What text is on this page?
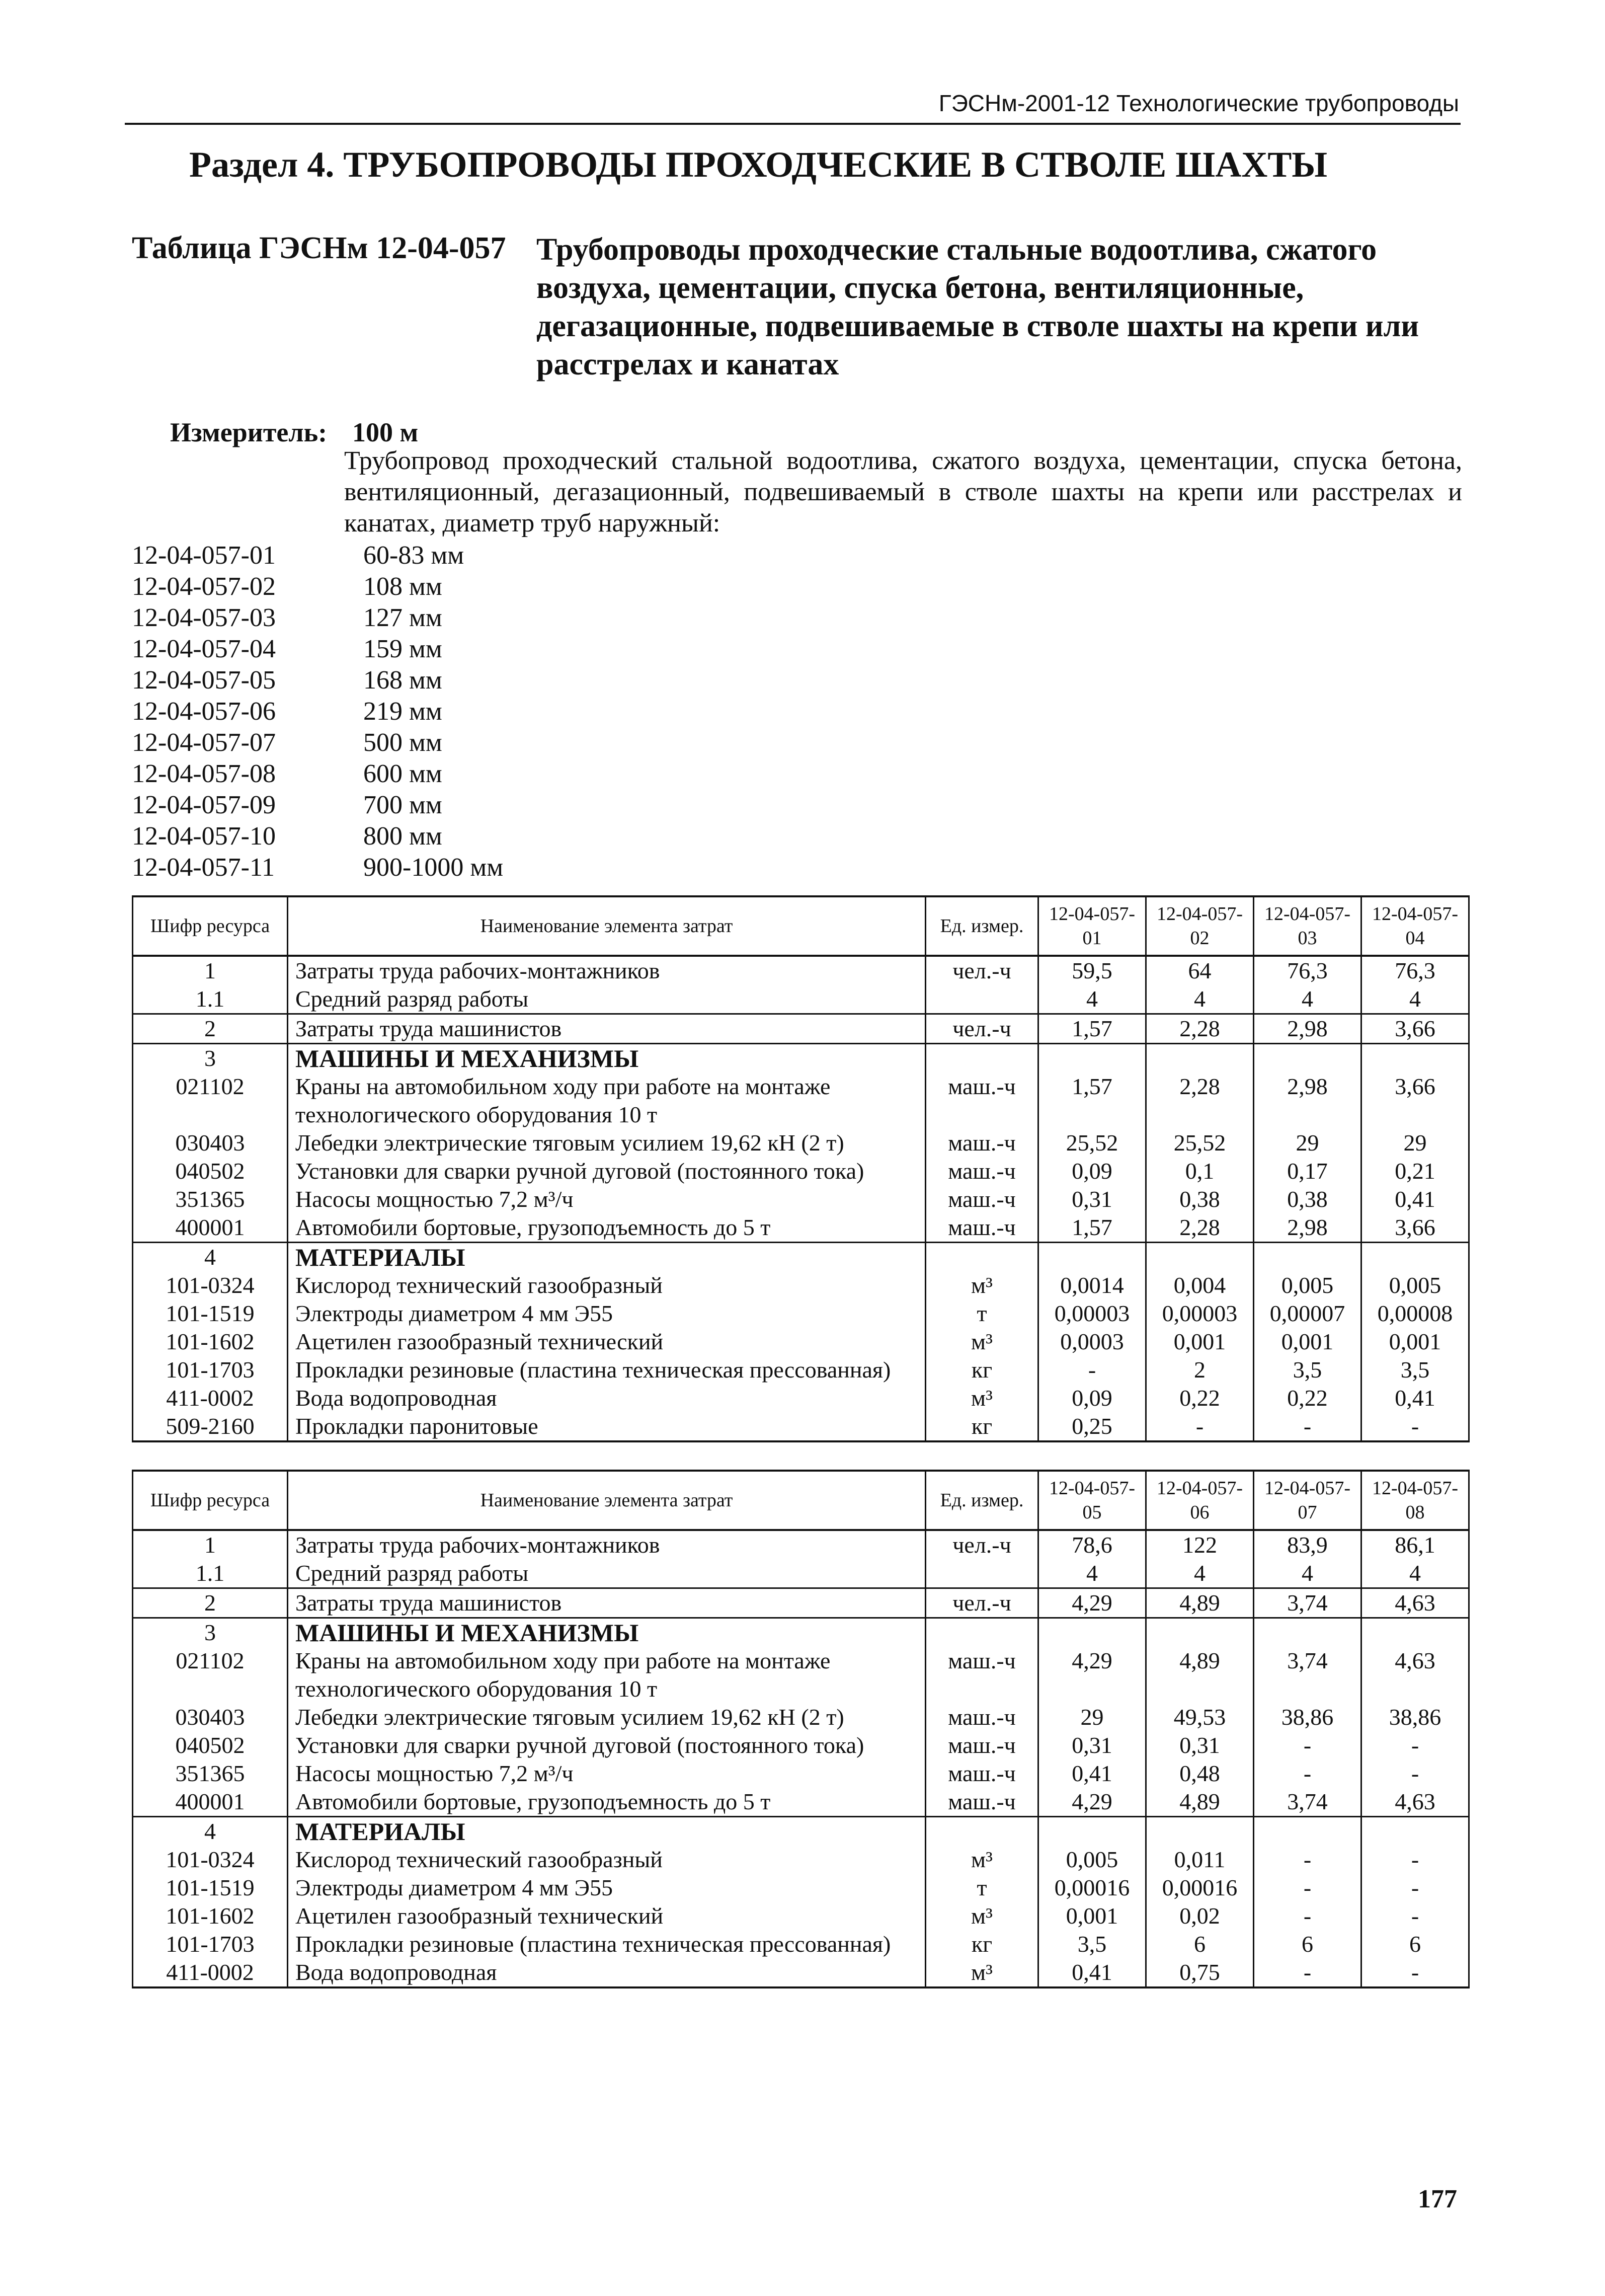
ГЭСНм-2001-12 Технологические трубопроводы
Раздел 4. ТРУБОПРОВОДЫ ПРОХОДЧЕСКИЕ В СТВОЛЕ ШАХТЫ
Таблица ГЭСНм 12-04-057 Трубопроводы проходческие стальные водоотлива, сжатого воздуха, цементации, спуска бетона, вентиляционные, дегазационные, подвешиваемые в стволе шахты на крепи или расстрелах и канатах
Измеритель: 100 м
Трубопровод проходческий стальной водоотлива, сжатого воздуха, цементации, спуска бетона, вентиляционный, дегазационный, подвешиваемый в стволе шахты на крепи или расстрелах и канатах, диаметр труб наружный:
12-04-057-01	60-83 мм
12-04-057-02	108 мм
12-04-057-03	127 мм
12-04-057-04	159 мм
12-04-057-05	168 мм
12-04-057-06	219 мм
12-04-057-07	500 мм
12-04-057-08	600 мм
12-04-057-09	700 мм
12-04-057-10	800 мм
12-04-057-11	900-1000 мм
Шифр ресурса	Наименование элемента затрат	Ед. измер.	12-04-057-01	12-04-057-02	12-04-057-03	12-04-057-04
1	Затраты труда рабочих-монтажников	чел.-ч	59,5	64	76,3	76,3
1.1	Средний разряд работы		4	4	4	4
2	Затраты труда машинистов	чел.-ч	1,57	2,28	2,98	3,66
3	МАШИНЫ И МЕХАНИЗМЫ					
021102	Краны на автомобильном ходу при работе на монтаже технологического оборудования 10 т	маш.-ч	1,57	2,28	2,98	3,66
030403	Лебедки электрические тяговым усилием 19,62 кН (2 т)	маш.-ч	25,52	25,52	29	29
040502	Установки для сварки ручной дуговой (постоянного тока)	маш.-ч	0,09	0,1	0,17	0,21
351365	Насосы мощностью 7,2 м³/ч	маш.-ч	0,31	0,38	0,38	0,41
400001	Автомобили бортовые, грузоподъемность до 5 т	маш.-ч	1,57	2,28	2,98	3,66
4	МАТЕРИАЛЫ					
101-0324	Кислород технический газообразный	м³	0,0014	0,004	0,005	0,005
101-1519	Электроды диаметром 4 мм Э55	т	0,00003	0,00003	0,00007	0,00008
101-1602	Ацетилен газообразный технический	м³	0,0003	0,001	0,001	0,001
101-1703	Прокладки резиновые (пластина техническая прессованная)	кг	-	2	3,5	3,5
411-0002	Вода водопроводная	м³	0,09	0,22	0,22	0,41
509-2160	Прокладки паронитовые	кг	0,25	-	-	-
Шифр ресурса	Наименование элемента затрат	Ед. измер.	12-04-057-05	12-04-057-06	12-04-057-07	12-04-057-08
1	Затраты труда рабочих-монтажников	чел.-ч	78,6	122	83,9	86,1
1.1	Средний разряд работы		4	4	4	4
2	Затраты труда машинистов	чел.-ч	4,29	4,89	3,74	4,63
3	МАШИНЫ И МЕХАНИЗМЫ					
021102	Краны на автомобильном ходу при работе на монтаже технологического оборудования 10 т	маш.-ч	4,29	4,89	3,74	4,63
030403	Лебедки электрические тяговым усилием 19,62 кН (2 т)	маш.-ч	29	49,53	38,86	38,86
040502	Установки для сварки ручной дуговой (постоянного тока)	маш.-ч	0,31	0,31	-	-
351365	Насосы мощностью 7,2 м³/ч	маш.-ч	0,41	0,48	-	-
400001	Автомобили бортовые, грузоподъемность до 5 т	маш.-ч	4,29	4,89	3,74	4,63
4	МАТЕРИАЛЫ					
101-0324	Кислород технический газообразный	м³	0,005	0,011	-	-
101-1519	Электроды диаметром 4 мм Э55	т	0,00016	0,00016	-	-
101-1602	Ацетилен газообразный технический	м³	0,001	0,02	-	-
101-1703	Прокладки резиновые (пластина техническая прессованная)	кг	3,5	6	6	6
411-0002	Вода водопроводная	м³	0,41	0,75	-	-
177
